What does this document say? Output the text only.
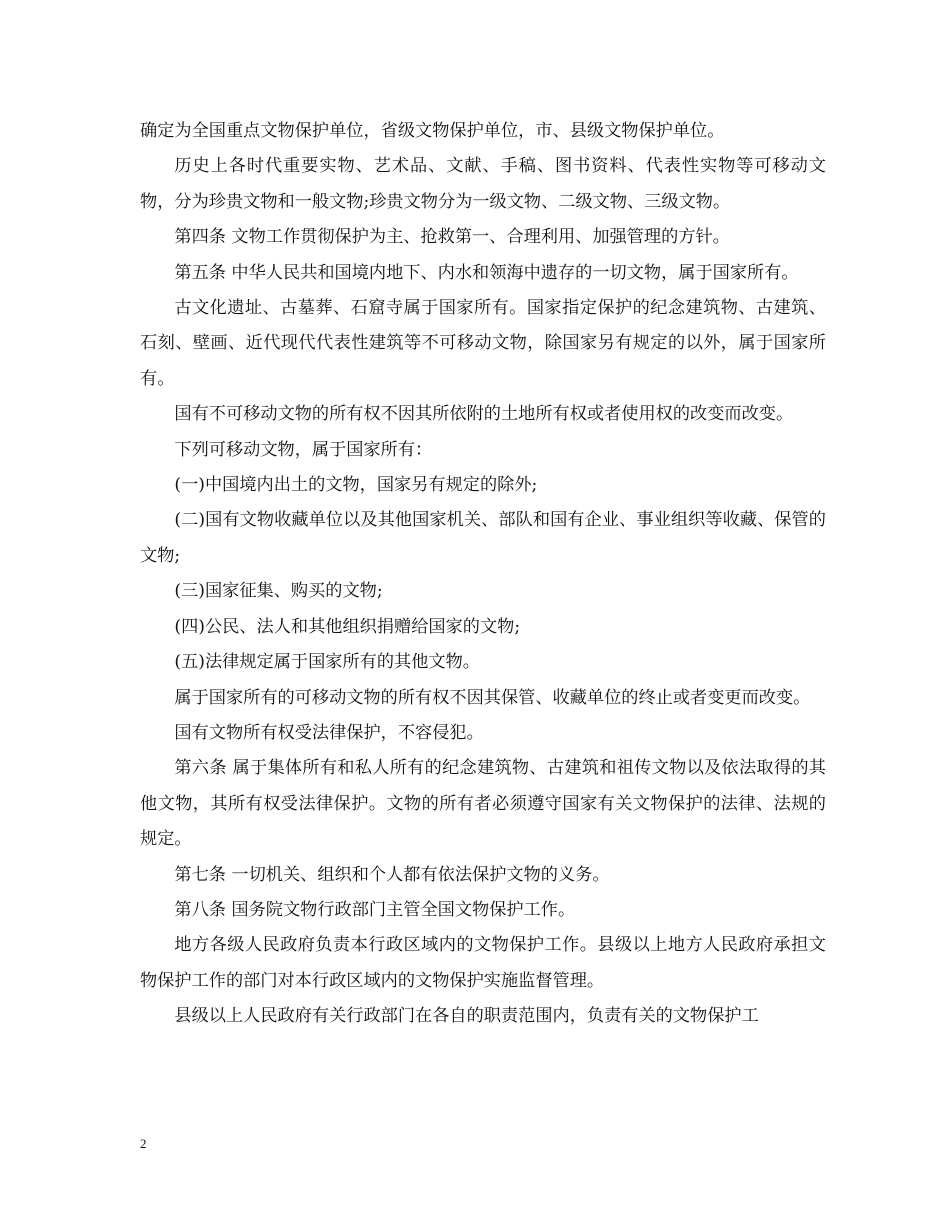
确定为全国重点文物保护单位，省级文物保护单位，市、县级文物保护单位。

历史上各时代重要实物、艺术品、文献、手稿、图书资料、代表性实物等可移动文物，分为珍贵文物和一般文物;珍贵文物分为一级文物、二级文物、三级文物。

第四条 文物工作贯彻保护为主、抢救第一、合理利用、加强管理的方针。

第五条 中华人民共和国境内地下、内水和领海中遗存的一切文物，属于国家所有。

古文化遗址、古墓葬、石窟寺属于国家所有。国家指定保护的纪念建筑物、古建筑、石刻、壁画、近代现代代表性建筑等不可移动文物，除国家另有规定的以外，属于国家所有。

国有不可移动文物的所有权不因其所依附的土地所有权或者使用权的改变而改变。

下列可移动文物，属于国家所有：

(一)中国境内出土的文物，国家另有规定的除外;

(二)国有文物收藏单位以及其他国家机关、部队和国有企业、事业组织等收藏、保管的文物;

(三)国家征集、购买的文物;

(四)公民、法人和其他组织捐赠给国家的文物;

(五)法律规定属于国家所有的其他文物。

属于国家所有的可移动文物的所有权不因其保管、收藏单位的终止或者变更而改变。

国有文物所有权受法律保护，不容侵犯。

第六条 属于集体所有和私人所有的纪念建筑物、古建筑和祖传文物以及依法取得的其他文物，其所有权受法律保护。文物的所有者必须遵守国家有关文物保护的法律、法规的规定。

第七条 一切机关、组织和个人都有依法保护文物的义务。

第八条 国务院文物行政部门主管全国文物保护工作。

地方各级人民政府负责本行政区域内的文物保护工作。县级以上地方人民政府承担文物保护工作的部门对本行政区域内的文物保护实施监督管理。

县级以上人民政府有关行政部门在各自的职责范围内，负责有关的文物保护工

2
